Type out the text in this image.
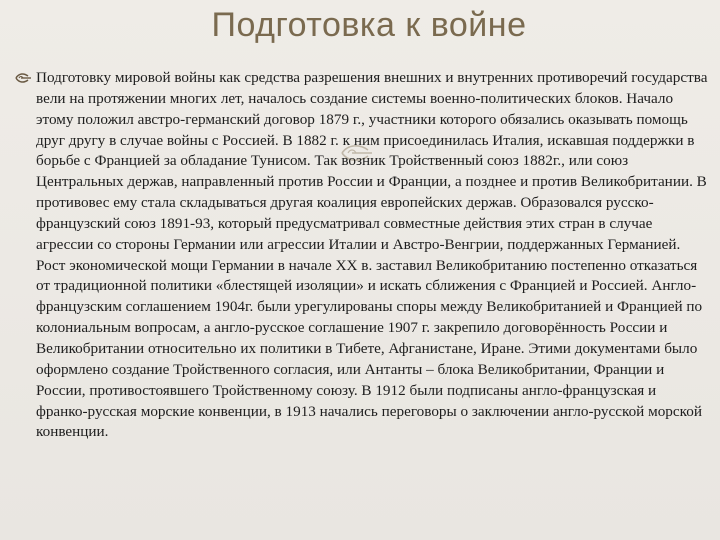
Подготовка к войне

Подготовку мировой войны как средства разрешения внешних и внутренних противоречий государства вели на протяжении многих лет, началось создание системы военно-политических блоков. Начало этому положил австро-германский договор 1879 г., участники которого обязались оказывать помощь друг другу в случае войны с Россией. В 1882 г. к ним присоединилась Италия, искавшая поддержки в борьбе с Францией за обладание Тунисом. Так возник Тройственный союз 1882г., или союз Центральных держав, направленный против России и Франции, а позднее и против Великобритании. В противовес ему стала складываться другая коалиция европейских держав. Образовался русско-французский союз 1891-93, который предусматривал совместные действия этих стран в случае агрессии со стороны Германии или агрессии Италии и Австро-Венгрии, поддержанных Германией. Рост экономической мощи Германии в начале XX в. заставил Великобританию постепенно отказаться от традиционной политики «блестящей изоляции» и искать сближения с Францией и Россией. Англо-французским соглашением 1904г. были урегулированы споры между Великобританией и Францией по колониальным вопросам, а англо-русское соглашение 1907 г. закрепило договорённость России и Великобритании относительно их политики в Тибете, Афганистане, Иране. Этими документами было оформлено создание Тройственного согласия, или Антанты – блока Великобритании, Франции и России, противостоявшего Тройственному союзу. В 1912 были подписаны англо-французская и франко-русская морские конвенции, в 1913 начались переговоры о заключении англо-русской морской конвенции.
